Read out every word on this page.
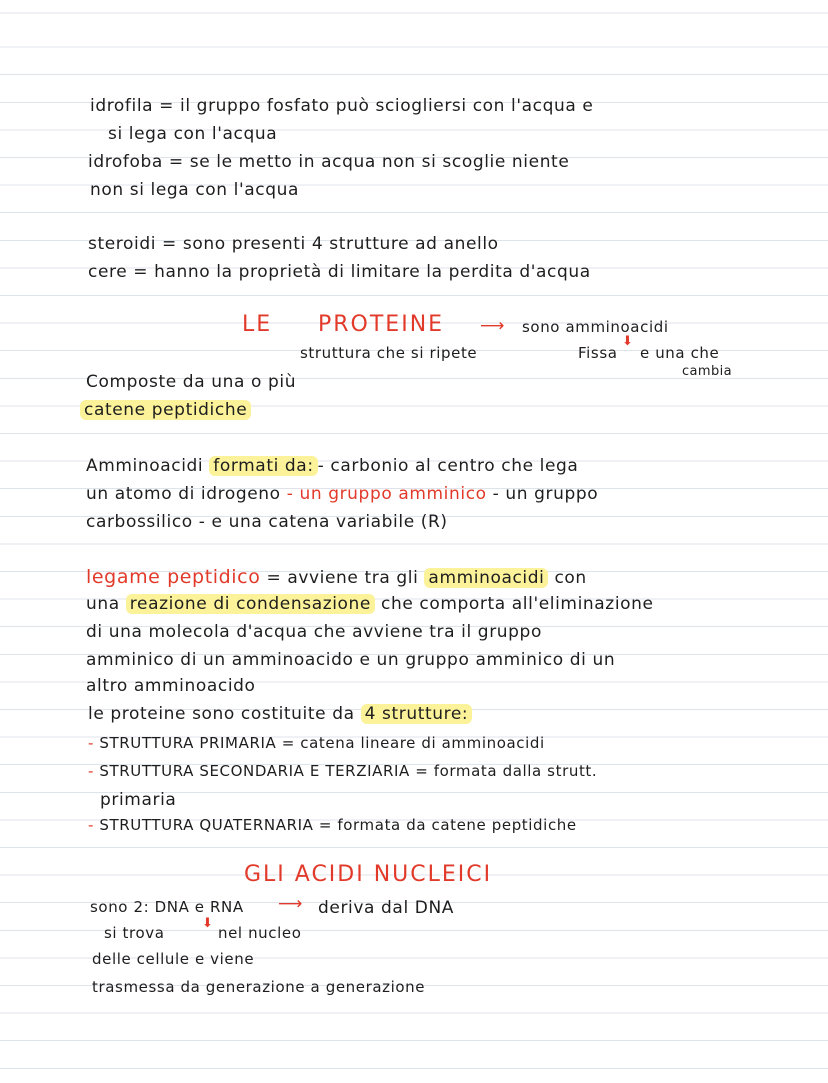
idrofila = il gruppo fosfato può sciogliersi con l'acqua e
si lega con l'acqua
idrofoba = se le metto in acqua non si scoglie niente
non si lega con l'acqua
steroidi = sono presenti 4 strutture ad anello
cere = hanno la proprietà di limitare la perdita d'acqua
LE PROTEINE ⟶ sono amminoacidi
struttura che si ripete	Fissa
⬇
e una che
cambia
Composte da una o più
catene peptidiche
Amminoacidi formati da: - carbonio al centro che lega
un atomo di idrogeno - un gruppo amminico - un gruppo
carbossilico - e una catena variabile (R)
legame peptidico = avviene tra gli amminoacidi con
una reazione di condensazione che comporta all'eliminazione
di una molecola d'acqua che avviene tra il gruppo
amminico di un amminoacido e un gruppo amminico di un
altro amminoacido
le proteine sono costituite da 4 strutture:
- STRUTTURA PRIMARIA = catena lineare di amminoacidi
- STRUTTURA SECONDARIA E TERZIARIA = formata dalla strutt.
primaria
- STRUTTURA QUATERNARIA = formata da catene peptidiche
GLI ACIDI NUCLEICI
sono 2: DNA e RNA ⟶ deriva dal DNA
si trova
⬇
nel nucleo
delle cellule e viene
trasmessa da generazione a generazione
